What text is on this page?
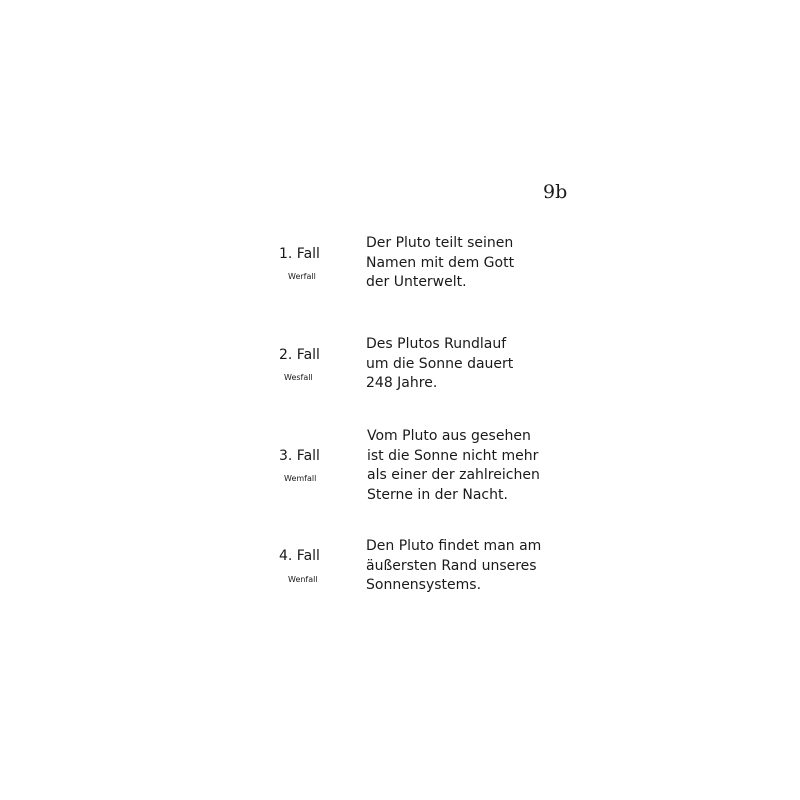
9b
1. Fall
Werfall
Der Pluto teilt seinen
Namen mit dem Gott
der Unterwelt.
2. Fall
Wesfall
Des Plutos Rundlauf
um die Sonne dauert
248 Jahre.
3. Fall
Wemfall
Vom Pluto aus gesehen
ist die Sonne nicht mehr
als einer der zahlreichen
Sterne in der Nacht.
4. Fall
Wenfall
Den Pluto findet man am
äußersten Rand unseres
Sonnensystems.
